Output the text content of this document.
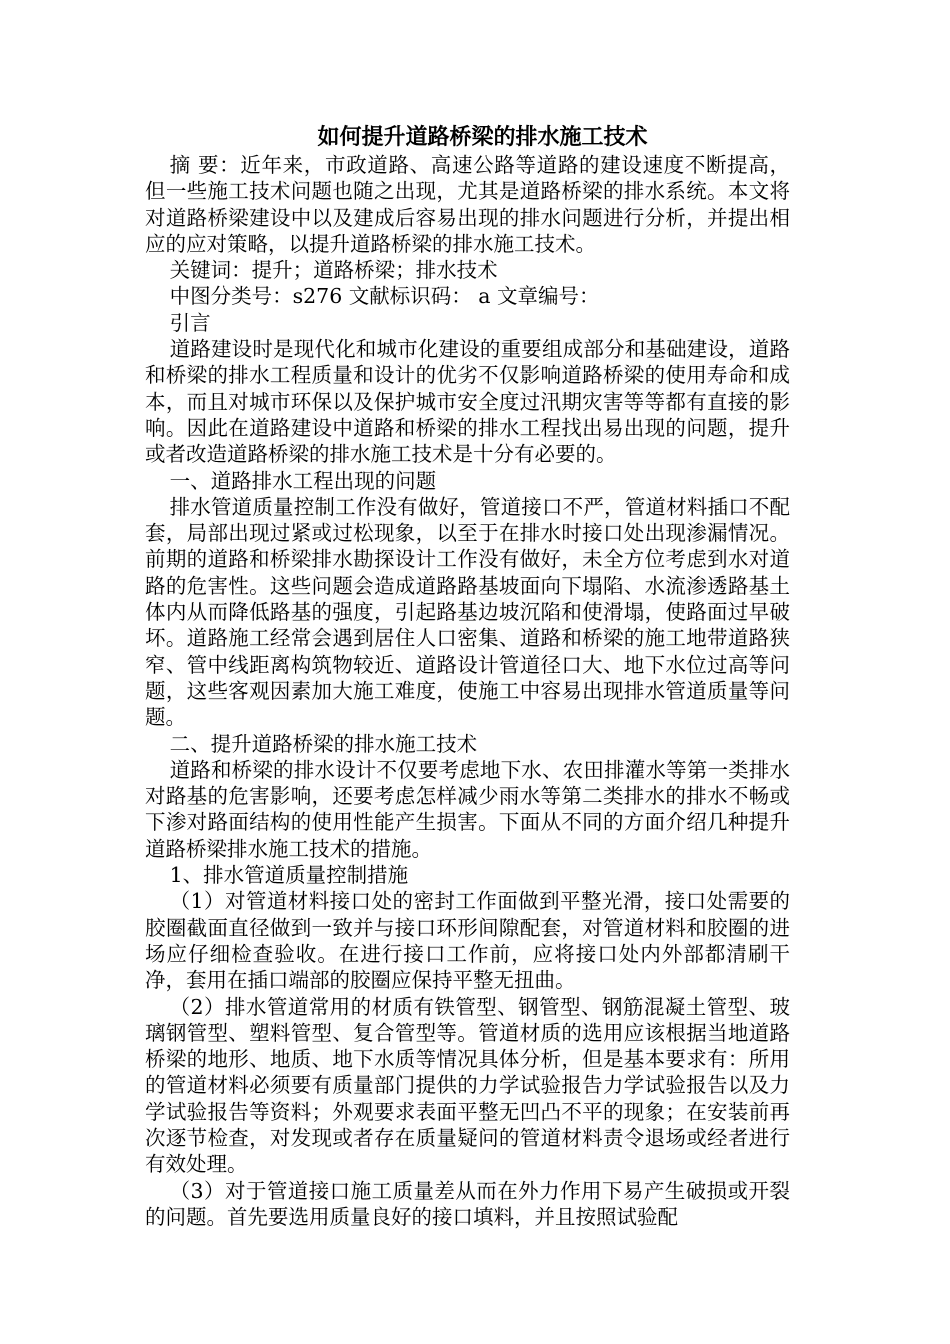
如何提升道路桥梁的排水施工技术

摘 要：近年来，市政道路、高速公路等道路的建设速度不断提高，但一些施工技术问题也随之出现，尤其是道路桥梁的排水系统。本文将对道路桥梁建设中以及建成后容易出现的排水问题进行分析，并提出相应的应对策略，以提升道路桥梁的排水施工技术。

关键词：提升；道路桥梁；排水技术

中图分类号：s276 文献标识码： a 文章编号：

引言

道路建设时是现代化和城市化建设的重要组成部分和基础建设，道路和桥梁的排水工程质量和设计的优劣不仅影响道路桥梁的使用寿命和成本，而且对城市环保以及保护城市安全度过汛期灾害等等都有直接的影响。因此在道路建设中道路和桥梁的排水工程找出易出现的问题，提升或者改造道路桥梁的排水施工技术是十分有必要的。

一、道路排水工程出现的问题

排水管道质量控制工作没有做好，管道接口不严，管道材料插口不配套，局部出现过紧或过松现象，以至于在排水时接口处出现渗漏情况。前期的道路和桥梁排水勘探设计工作没有做好，未全方位考虑到水对道路的危害性。这些问题会造成道路路基坡面向下塌陷、水流渗透路基土体内从而降低路基的强度，引起路基边坡沉陷和使滑塌，使路面过早破坏。道路施工经常会遇到居住人口密集、道路和桥梁的施工地带道路狭窄、管中线距离构筑物较近、道路设计管道径口大、地下水位过高等问题，这些客观因素加大施工难度，使施工中容易出现排水管道质量等问题。

二、提升道路桥梁的排水施工技术

道路和桥梁的排水设计不仅要考虑地下水、农田排灌水等第一类排水对路基的危害影响，还要考虑怎样减少雨水等第二类排水的排水不畅或下渗对路面结构的使用性能产生损害。下面从不同的方面介绍几种提升道路桥梁排水施工技术的措施。

1、排水管道质量控制措施

（1）对管道材料接口处的密封工作面做到平整光滑，接口处需要的胶圈截面直径做到一致并与接口环形间隙配套，对管道材料和胶圈的进场应仔细检查验收。在进行接口工作前，应将接口处内外部都清刷干净，套用在插口端部的胶圈应保持平整无扭曲。

（2）排水管道常用的材质有铁管型、钢管型、钢筋混凝土管型、玻璃钢管型、塑料管型、复合管型等。管道材质的选用应该根据当地道路桥梁的地形、地质、地下水质等情况具体分析，但是基本要求有：所用的管道材料必须要有质量部门提供的力学试验报告力学试验报告以及力学试验报告等资料；外观要求表面平整无凹凸不平的现象；在安装前再次逐节检查，对发现或者存在质量疑问的管道材料责令退场或经者进行有效处理。

（3）对于管道接口施工质量差从而在外力作用下易产生破损或开裂的问题。首先要选用质量良好的接口填料，并且按照试验配
